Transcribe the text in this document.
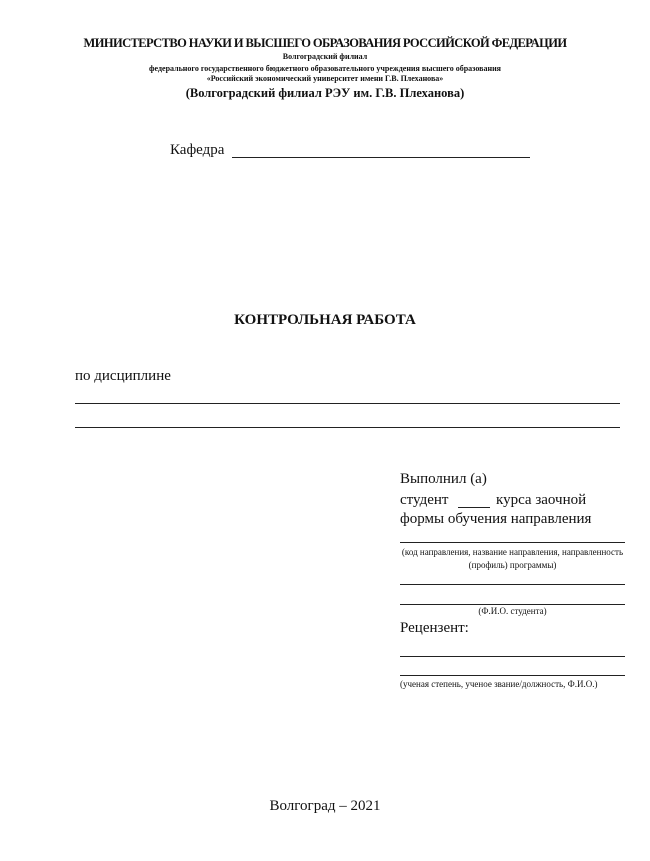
МИНИСТЕРСТВО НАУКИ И ВЫСШЕГО ОБРАЗОВАНИЯ РОССИЙСКОЙ ФЕДЕРАЦИИ
Волгоградский филиал
федерального государственного бюджетного образовательного учреждения высшего образования
«Российский экономический университет имени Г.В. Плеханова»
(Волгоградский филиал РЭУ им. Г.В. Плеханова)
Кафедра
КОНТРОЛЬНАЯ РАБОТА
по дисциплине
Выполнил (а)
студент	курса заочной
формы обучения направления
(код направления, название направления, направленность (профиль) программы)
(Ф.И.О. студента)
Рецензент:
(ученая степень, ученое звание/должность, Ф.И.О.)
Волгоград – 2021
